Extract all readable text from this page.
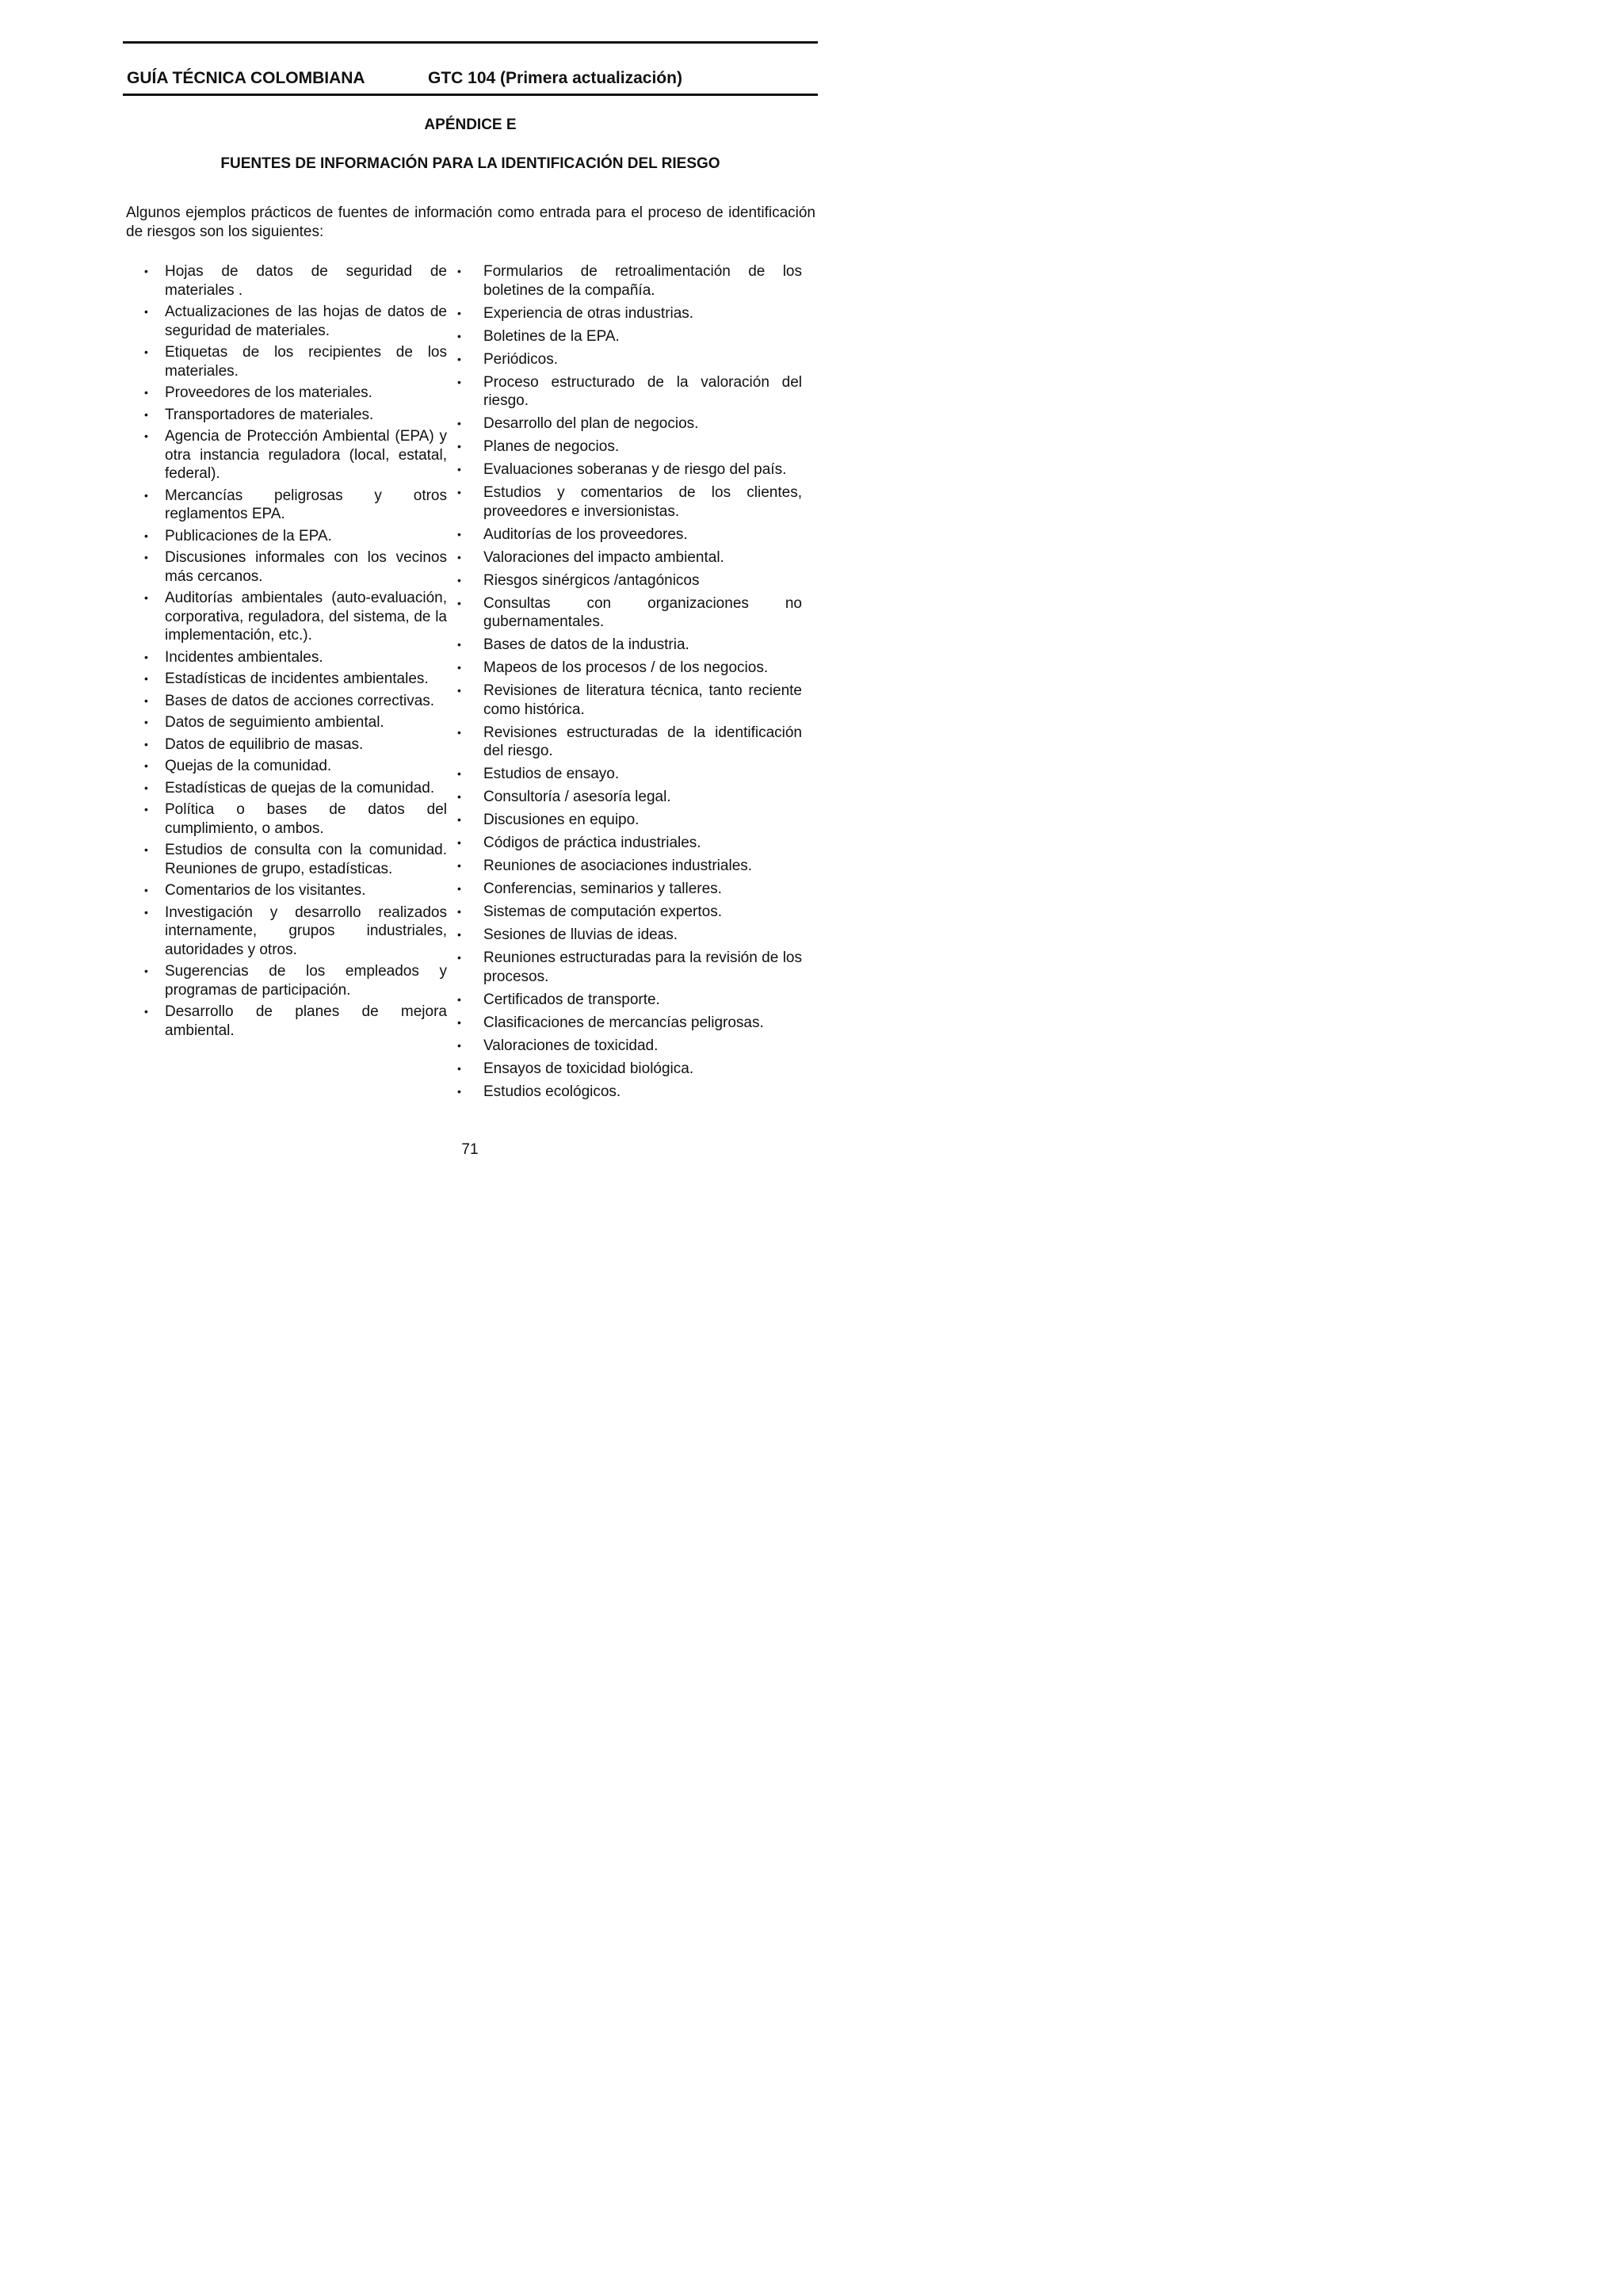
GUÍA TÉCNICA COLOMBIANA	GTC 104 (Primera actualización)
APÉNDICE E
FUENTES DE INFORMACIÓN PARA LA IDENTIFICACIÓN DEL RIESGO

Algunos ejemplos prácticos de fuentes de información como entrada para el proceso de identificación de riesgos son los siguientes:

• Hojas de datos de seguridad de materiales .
• Actualizaciones de las hojas de datos de seguridad de materiales.
• Etiquetas de los recipientes de los materiales.
• Proveedores de los materiales.
• Transportadores de materiales.
• Agencia de Protección Ambiental (EPA) y otra instancia reguladora (local, estatal, federal).
• Mercancías peligrosas y otros reglamentos EPA.
• Publicaciones de la EPA.
• Discusiones informales con los vecinos más cercanos.
• Auditorías ambientales (auto-evaluación, corporativa, reguladora, del sistema, de la implementación, etc.).
• Incidentes ambientales.
• Estadísticas de incidentes ambientales.
• Bases de datos de acciones correctivas.
• Datos de seguimiento ambiental.
• Datos de equilibrio de masas.
• Quejas de la comunidad.
• Estadísticas de quejas de la comunidad.
• Política o bases de datos del cumplimiento, o ambos.
• Estudios de consulta con la comunidad. Reuniones de grupo, estadísticas.
• Comentarios de los visitantes.
• Investigación y desarrollo realizados internamente, grupos industriales, autoridades y otros.
• Sugerencias de los empleados y programas de participación.
• Desarrollo de planes de mejora ambiental.
• Formularios de retroalimentación de los boletines de la compañía.
• Experiencia de otras industrias.
• Boletines de la EPA.
• Periódicos.
• Proceso estructurado de la valoración del riesgo.
• Desarrollo del plan de negocios.
• Planes de negocios.
• Evaluaciones soberanas y de riesgo del país.
• Estudios y comentarios de los clientes, proveedores e inversionistas.
• Auditorías de los proveedores.
• Valoraciones del impacto ambiental.
• Riesgos sinérgicos /antagónicos
• Consultas con organizaciones no gubernamentales.
• Bases de datos de la industria.
• Mapeos de los procesos / de los negocios.
• Revisiones de literatura técnica, tanto reciente como histórica.
• Revisiones estructuradas de la identificación del riesgo.
• Estudios de ensayo.
• Consultoría / asesoría legal.
• Discusiones en equipo.
• Códigos de práctica industriales.
• Reuniones de asociaciones industriales.
• Conferencias, seminarios y talleres.
• Sistemas de computación expertos.
• Sesiones de lluvias de ideas.
• Reuniones estructuradas para la revisión de los procesos.
• Certificados de transporte.
• Clasificaciones de mercancías peligrosas.
• Valoraciones de toxicidad.
• Ensayos de toxicidad biológica.
• Estudios ecológicos.

71
